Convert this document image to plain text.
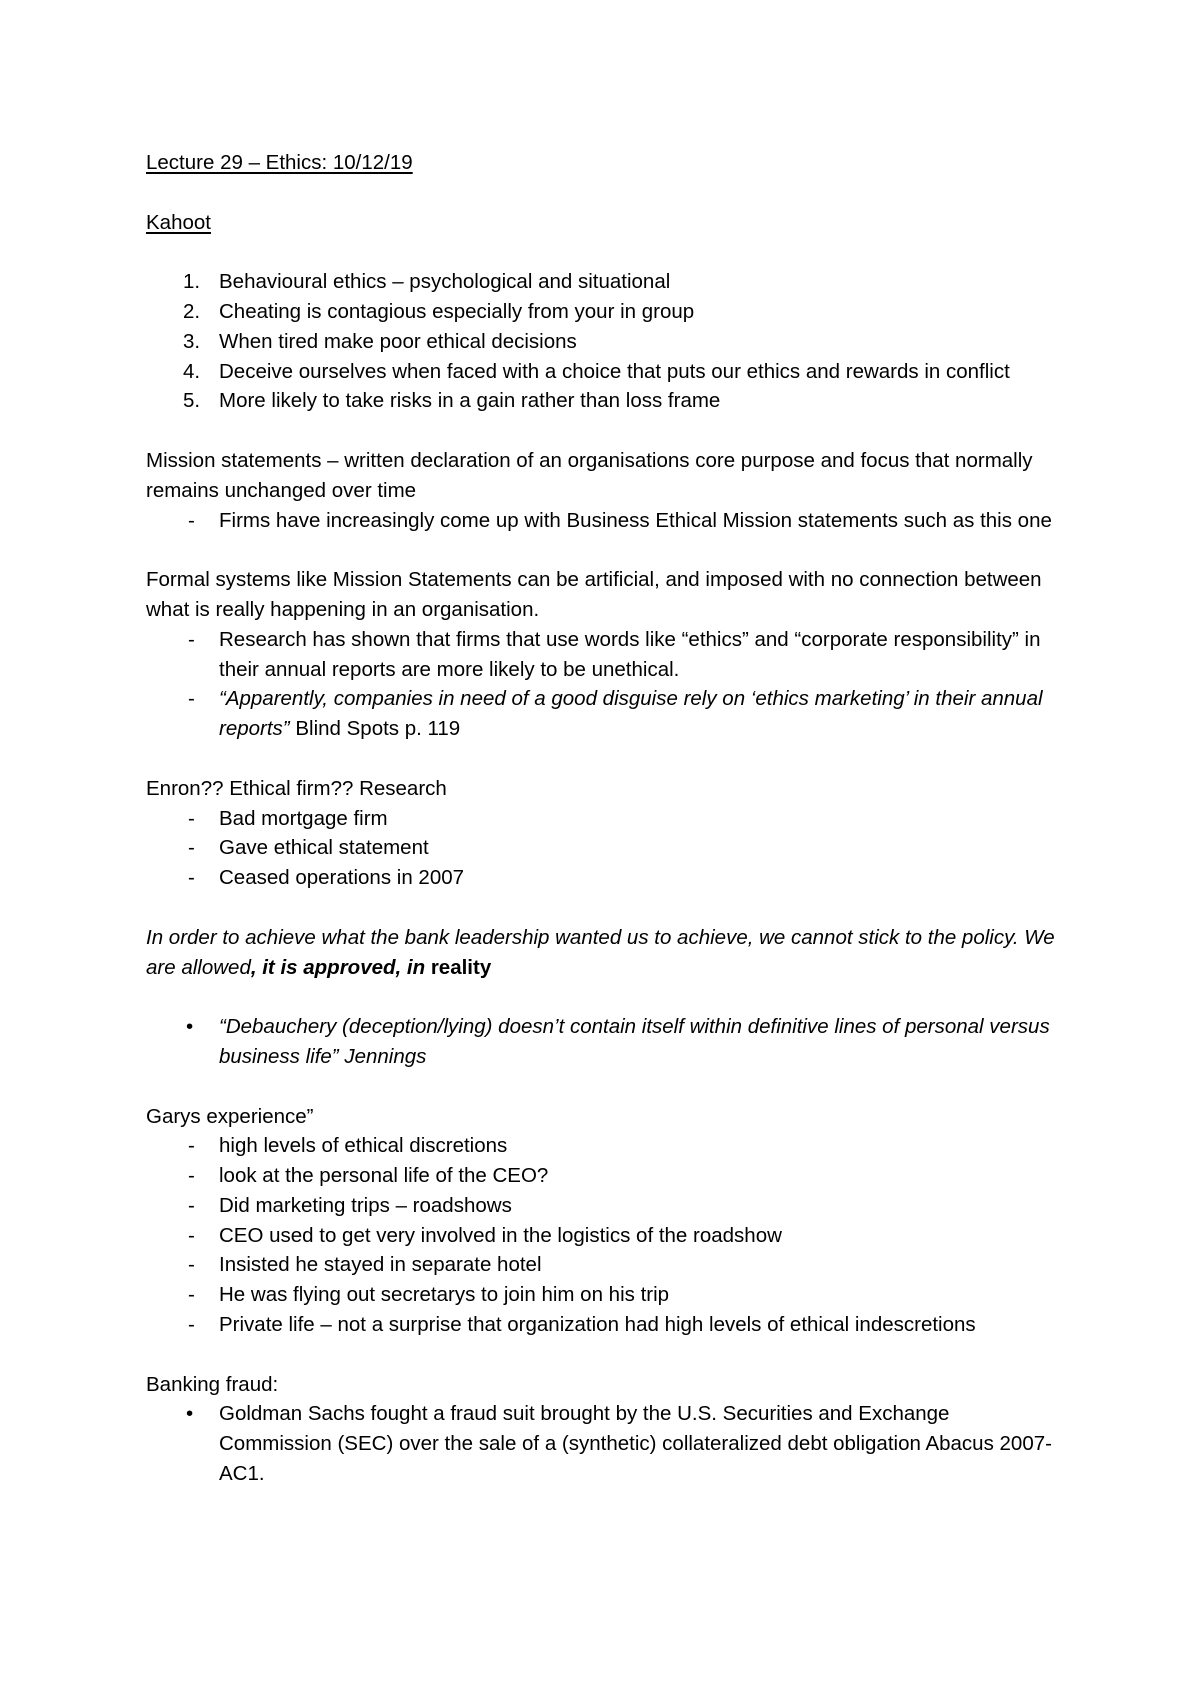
Lecture 29 – Ethics: 10/12/19

Kahoot

1. Behavioural ethics – psychological and situational
2. Cheating is contagious especially from your in group
3. When tired make poor ethical decisions
4. Deceive ourselves when faced with a choice that puts our ethics and rewards in conflict
5. More likely to take risks in a gain rather than loss frame

Mission statements – written declaration of an organisations core purpose and focus that normally remains unchanged over time

- Firms have increasingly come up with Business Ethical Mission statements such as this one

Formal systems like Mission Statements can be artificial, and imposed with no connection between what is really happening in an organisation.

- Research has shown that firms that use words like “ethics” and “corporate responsibility” in their annual reports are more likely to be unethical.
- “Apparently, companies in need of a good disguise rely on ‘ethics marketing’ in their annual reports” Blind Spots p. 119

Enron?? Ethical firm?? Research

- Bad mortgage firm
- Gave ethical statement
- Ceased operations in 2007

In order to achieve what the bank leadership wanted us to achieve, we cannot stick to the policy. We are allowed, it is approved, in reality

• “Debauchery (deception/lying) doesn’t contain itself within definitive lines of personal versus business life” Jennings

Garys experience”

- high levels of ethical discretions
- look at the personal life of the CEO?
- Did marketing trips – roadshows
- CEO used to get very involved in the logistics of the roadshow
- Insisted he stayed in separate hotel
- He was flying out secretarys to join him on his trip
- Private life – not a surprise that organization had high levels of ethical indescretions

Banking fraud:

• Goldman Sachs fought a fraud suit brought by the U.S. Securities and Exchange Commission (SEC) over the sale of a (synthetic) collateralized debt obligation Abacus 2007-AC1.
